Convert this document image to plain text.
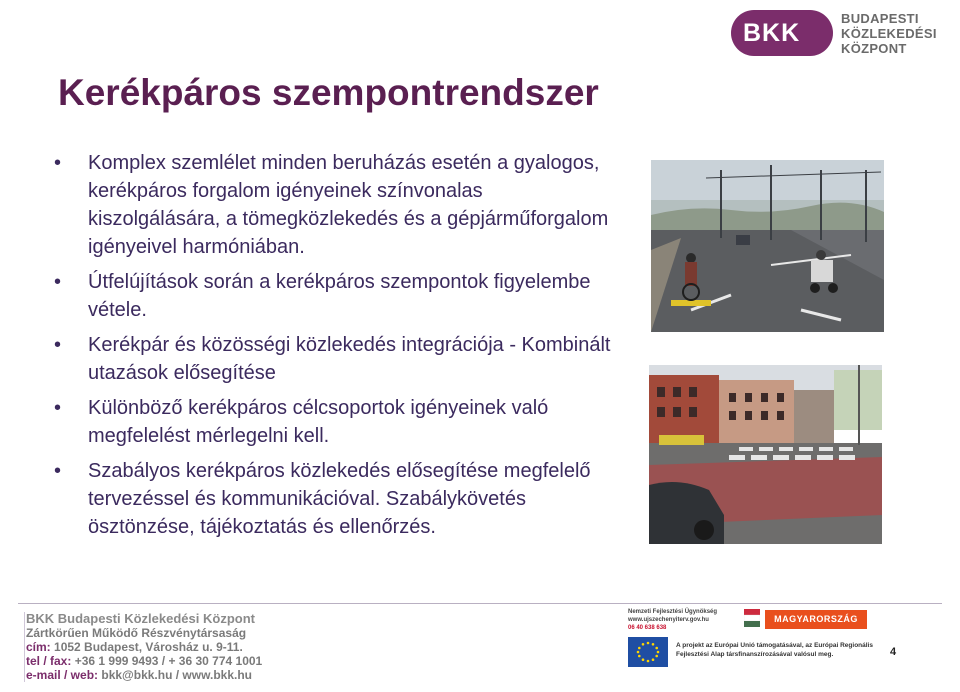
BKK
BUDAPESTI
KÖZLEKEDÉSI
KÖZPONT
Kerékpáros szempontrendszer
• Komplex szemlélet minden beruházás esetén a gyalogos, kerékpáros forgalom igényeinek színvonalas kiszolgálására, a tömegközlekedés és a gépjárműforgalom igényeivel harmóniában.
• Útfelújítások során a kerékpáros szempontok figyelembe vétele.
• Kerékpár és közösségi közlekedés integrációja - Kombinált utazások elősegítése
• Különböző kerékpáros célcsoportok igényeinek való megfelelést mérlegelni kell.
• Szabályos kerékpáros közlekedés elősegítése megfelelő tervezéssel és kommunikációval. Szabálykövetés ösztönzése, tájékoztatás és ellenőrzés.
BKK Budapesti Közlekedési Központ
Zártkörűen Működő Részvénytársaság
cím: 1052 Budapest, Városház u. 9-11.
tel / fax: +36 1 999 9493 / + 36 30 774 1001
e-mail / web: bkk@bkk.hu / www.bkk.hu
Nemzeti Fejlesztési Ügynökség
www.ujszechenyiterv.gov.hu
06 40 638 638
MAGYARORSZÁG MEGÚJUL
A projekt az Európai Unió támogatásával, az Európai Regionális Fejlesztési Alap társfinanszírozásával valósul meg.	4
